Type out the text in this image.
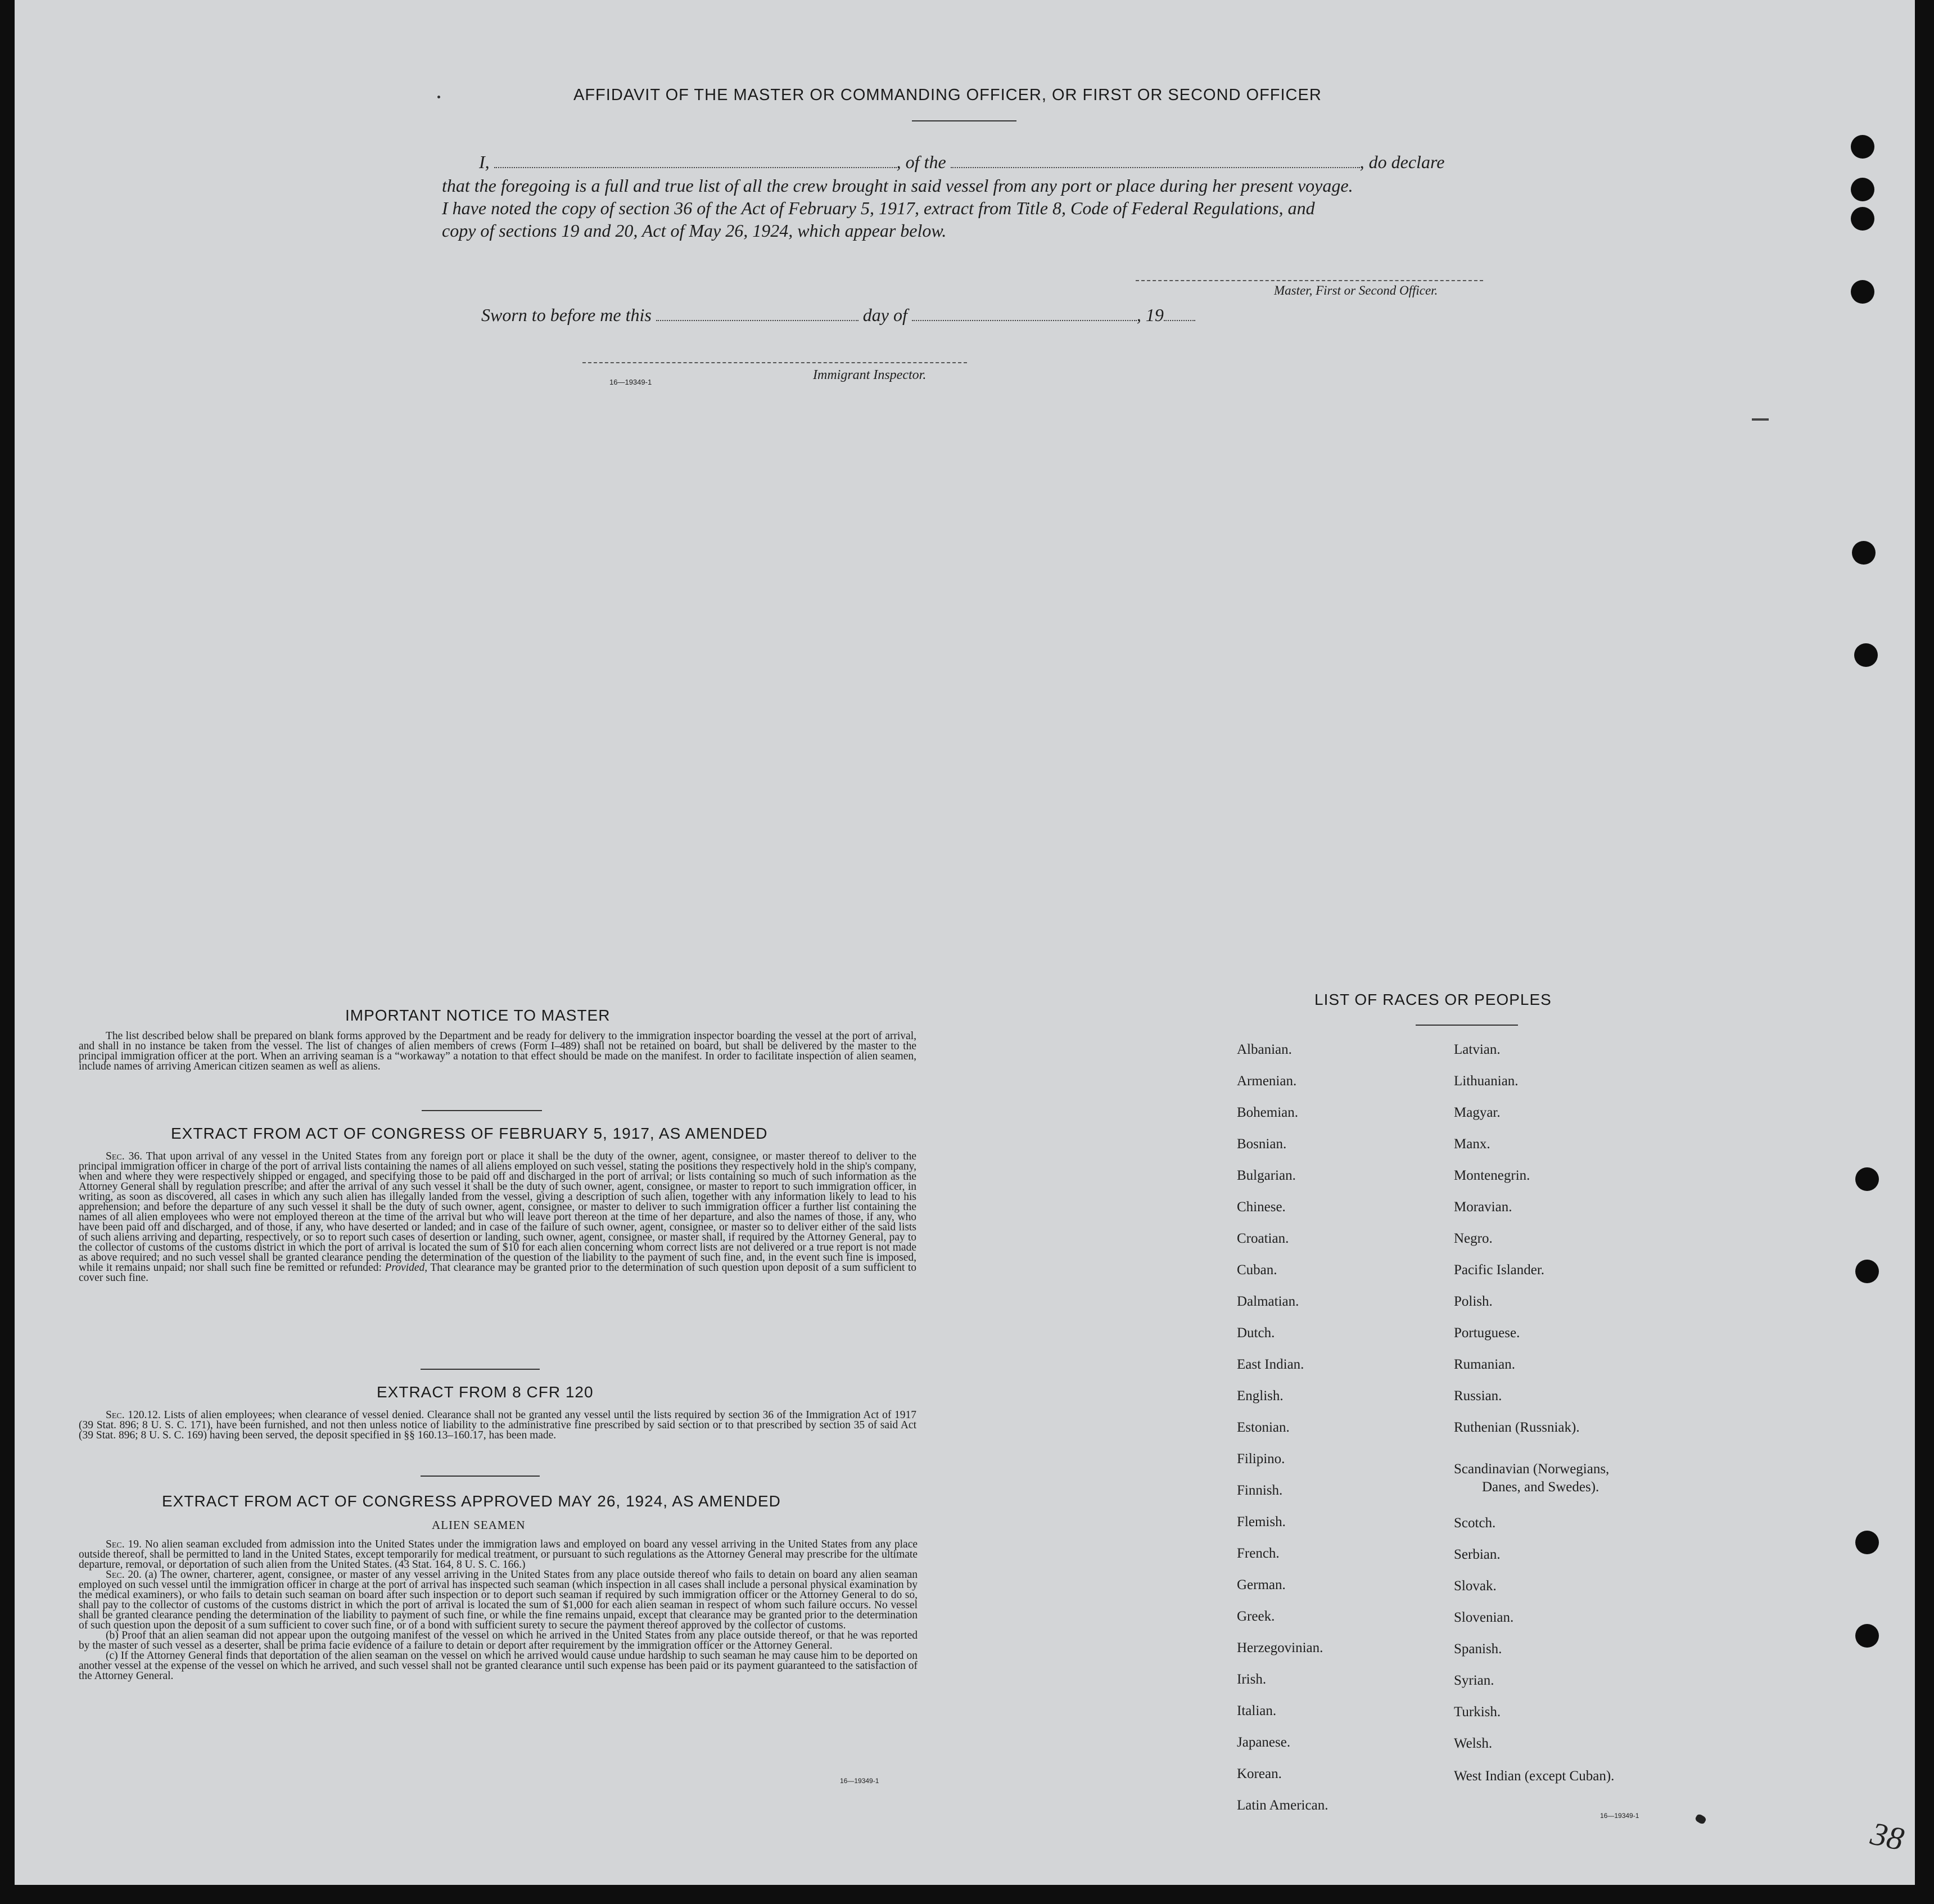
AFFIDAVIT OF THE MASTER OR COMMANDING OFFICER, OR FIRST OR SECOND OFFICER
I,	, of the	, do declare
that the foregoing is a full and true list of all the crew brought in said vessel from any port or place during her present voyage.
I have noted the copy of section 36 of the Act of February 5, 1917, extract from Title 8, Code of Federal Regulations, and
copy of sections 19 and 20, Act of May 26, 1924, which appear below.
Master, First or Second Officer.
Sworn to before me this	day of	, 19
16—19349-1	Immigrant Inspector.
IMPORTANT NOTICE TO MASTER

The list described below shall be prepared on blank forms approved by the Department and be ready for delivery to the immigration inspector boarding the vessel at the port of arrival, and shall in no instance be taken from the vessel. The list of changes of alien members of crews (Form I–489) shall not be retained on board, but shall be delivered by the master to the principal immigration officer at the port. When an arriving seaman is a “workaway” a notation to that effect should be made on the manifest. In order to facilitate inspection of alien seamen, include names of arriving American citizen seamen as well as aliens.

EXTRACT FROM ACT OF CONGRESS OF FEBRUARY 5, 1917, AS AMENDED

Sec. 36. That upon arrival of any vessel in the United States from any foreign port or place it shall be the duty of the owner, agent, consignee, or master thereof to deliver to the principal immigration officer in charge of the port of arrival lists containing the names of all aliens employed on such vessel, stating the positions they respectively hold in the ship's company, when and where they were respectively shipped or engaged, and specifying those to be paid off and discharged in the port of arrival; or lists containing so much of such information as the Attorney General shall by regulation prescribe; and after the arrival of any such vessel it shall be the duty of such owner, agent, consignee, or master to report to such immigration officer, in writing, as soon as discovered, all cases in which any such alien has illegally landed from the vessel, giving a description of such alien, together with any information likely to lead to his apprehension; and before the departure of any such vessel it shall be the duty of such owner, agent, consignee, or master to deliver to such immigration officer a further list containing the names of all alien employees who were not employed thereon at the time of the arrival but who will leave port thereon at the time of her departure, and also the names of those, if any, who have been paid off and discharged, and of those, if any, who have deserted or landed; and in case of the failure of such owner, agent, consignee, or master so to deliver either of the said lists of such aliens arriving and departing, respectively, or so to report such cases of desertion or landing, such owner, agent, consignee, or master shall, if required by the Attorney General, pay to the collector of customs of the customs district in which the port of arrival is located the sum of $10 for each alien concerning whom correct lists are not delivered or a true report is not made as above required; and no such vessel shall be granted clearance pending the determination of the question of the liability to the payment of such fine, and, in the event such fine is imposed, while it remains unpaid; nor shall such fine be remitted or refunded: Provided, That clearance may be granted prior to the determination of such question upon deposit of a sum sufficient to cover such fine.

EXTRACT FROM 8 CFR 120

Sec. 120.12. Lists of alien employees; when clearance of vessel denied. Clearance shall not be granted any vessel until the lists required by section 36 of the Immigration Act of 1917 (39 Stat. 896; 8 U. S. C. 171), have been furnished, and not then unless notice of liability to the administrative fine prescribed by said section or to that prescribed by section 35 of said Act (39 Stat. 896; 8 U. S. C. 169) having been served, the deposit specified in §§ 160.13–160.17, has been made.

EXTRACT FROM ACT OF CONGRESS APPROVED MAY 26, 1924, AS AMENDED
ALIEN SEAMEN

Sec. 19. No alien seaman excluded from admission into the United States under the immigration laws and employed on board any vessel arriving in the United States from any place outside thereof, shall be permitted to land in the United States, except temporarily for medical treatment, or pursuant to such regulations as the Attorney General may prescribe for the ultimate departure, removal, or deportation of such alien from the United States. (43 Stat. 164, 8 U. S. C. 166.)

Sec. 20. (a) The owner, charterer, agent, consignee, or master of any vessel arriving in the United States from any place outside thereof who fails to detain on board any alien seaman employed on such vessel until the immigration officer in charge at the port of arrival has inspected such seaman (which inspection in all cases shall include a personal physical examination by the medical examiners), or who fails to detain such seaman on board after such inspection or to deport such seaman if required by such immigration officer or the Attorney General to do so, shall pay to the collector of customs of the customs district in which the port of arrival is located the sum of $1,000 for each alien seaman in respect of whom such failure occurs. No vessel shall be granted clearance pending the determination of the liability to payment of such fine, or while the fine remains unpaid, except that clearance may be granted prior to the determination of such question upon the deposit of a sum sufficient to cover such fine, or of a bond with sufficient surety to secure the payment thereof approved by the collector of customs.

(b) Proof that an alien seaman did not appear upon the outgoing manifest of the vessel on which he arrived in the United States from any place outside thereof, or that he was reported by the master of such vessel as a deserter, shall be prima facie evidence of a failure to detain or deport after requirement by the immigration officer or the Attorney General.

(c) If the Attorney General finds that deportation of the alien seaman on the vessel on which he arrived would cause undue hardship to such seaman he may cause him to be deported on another vessel at the expense of the vessel on which he arrived, and such vessel shall not be granted clearance until such expense has been paid or its payment guaranteed to the satisfaction of the Attorney General.

16—19349-1
LIST OF RACES OR PEOPLES
Albanian.
Armenian.
Bohemian.
Bosnian.
Bulgarian.
Chinese.
Croatian.
Cuban.
Dalmatian.
Dutch.
East Indian.
English.
Estonian.
Filipino.
Finnish.
Flemish.
French.
German.
Greek.
Herzegovinian.
Irish.
Italian.
Japanese.
Korean.
Latin American.
Latvian.
Lithuanian.
Magyar.
Manx.
Montenegrin.
Moravian.
Negro.
Pacific Islander.
Polish.
Portuguese.
Rumanian.
Russian.
Ruthenian (Russniak).
Scandinavian (Norwegians,
Danes, and Swedes).
Scotch.
Serbian.
Slovak.
Slovenian.
Spanish.
Syrian.
Turkish.
Welsh.
West Indian (except Cuban).
16—19349-1	38
